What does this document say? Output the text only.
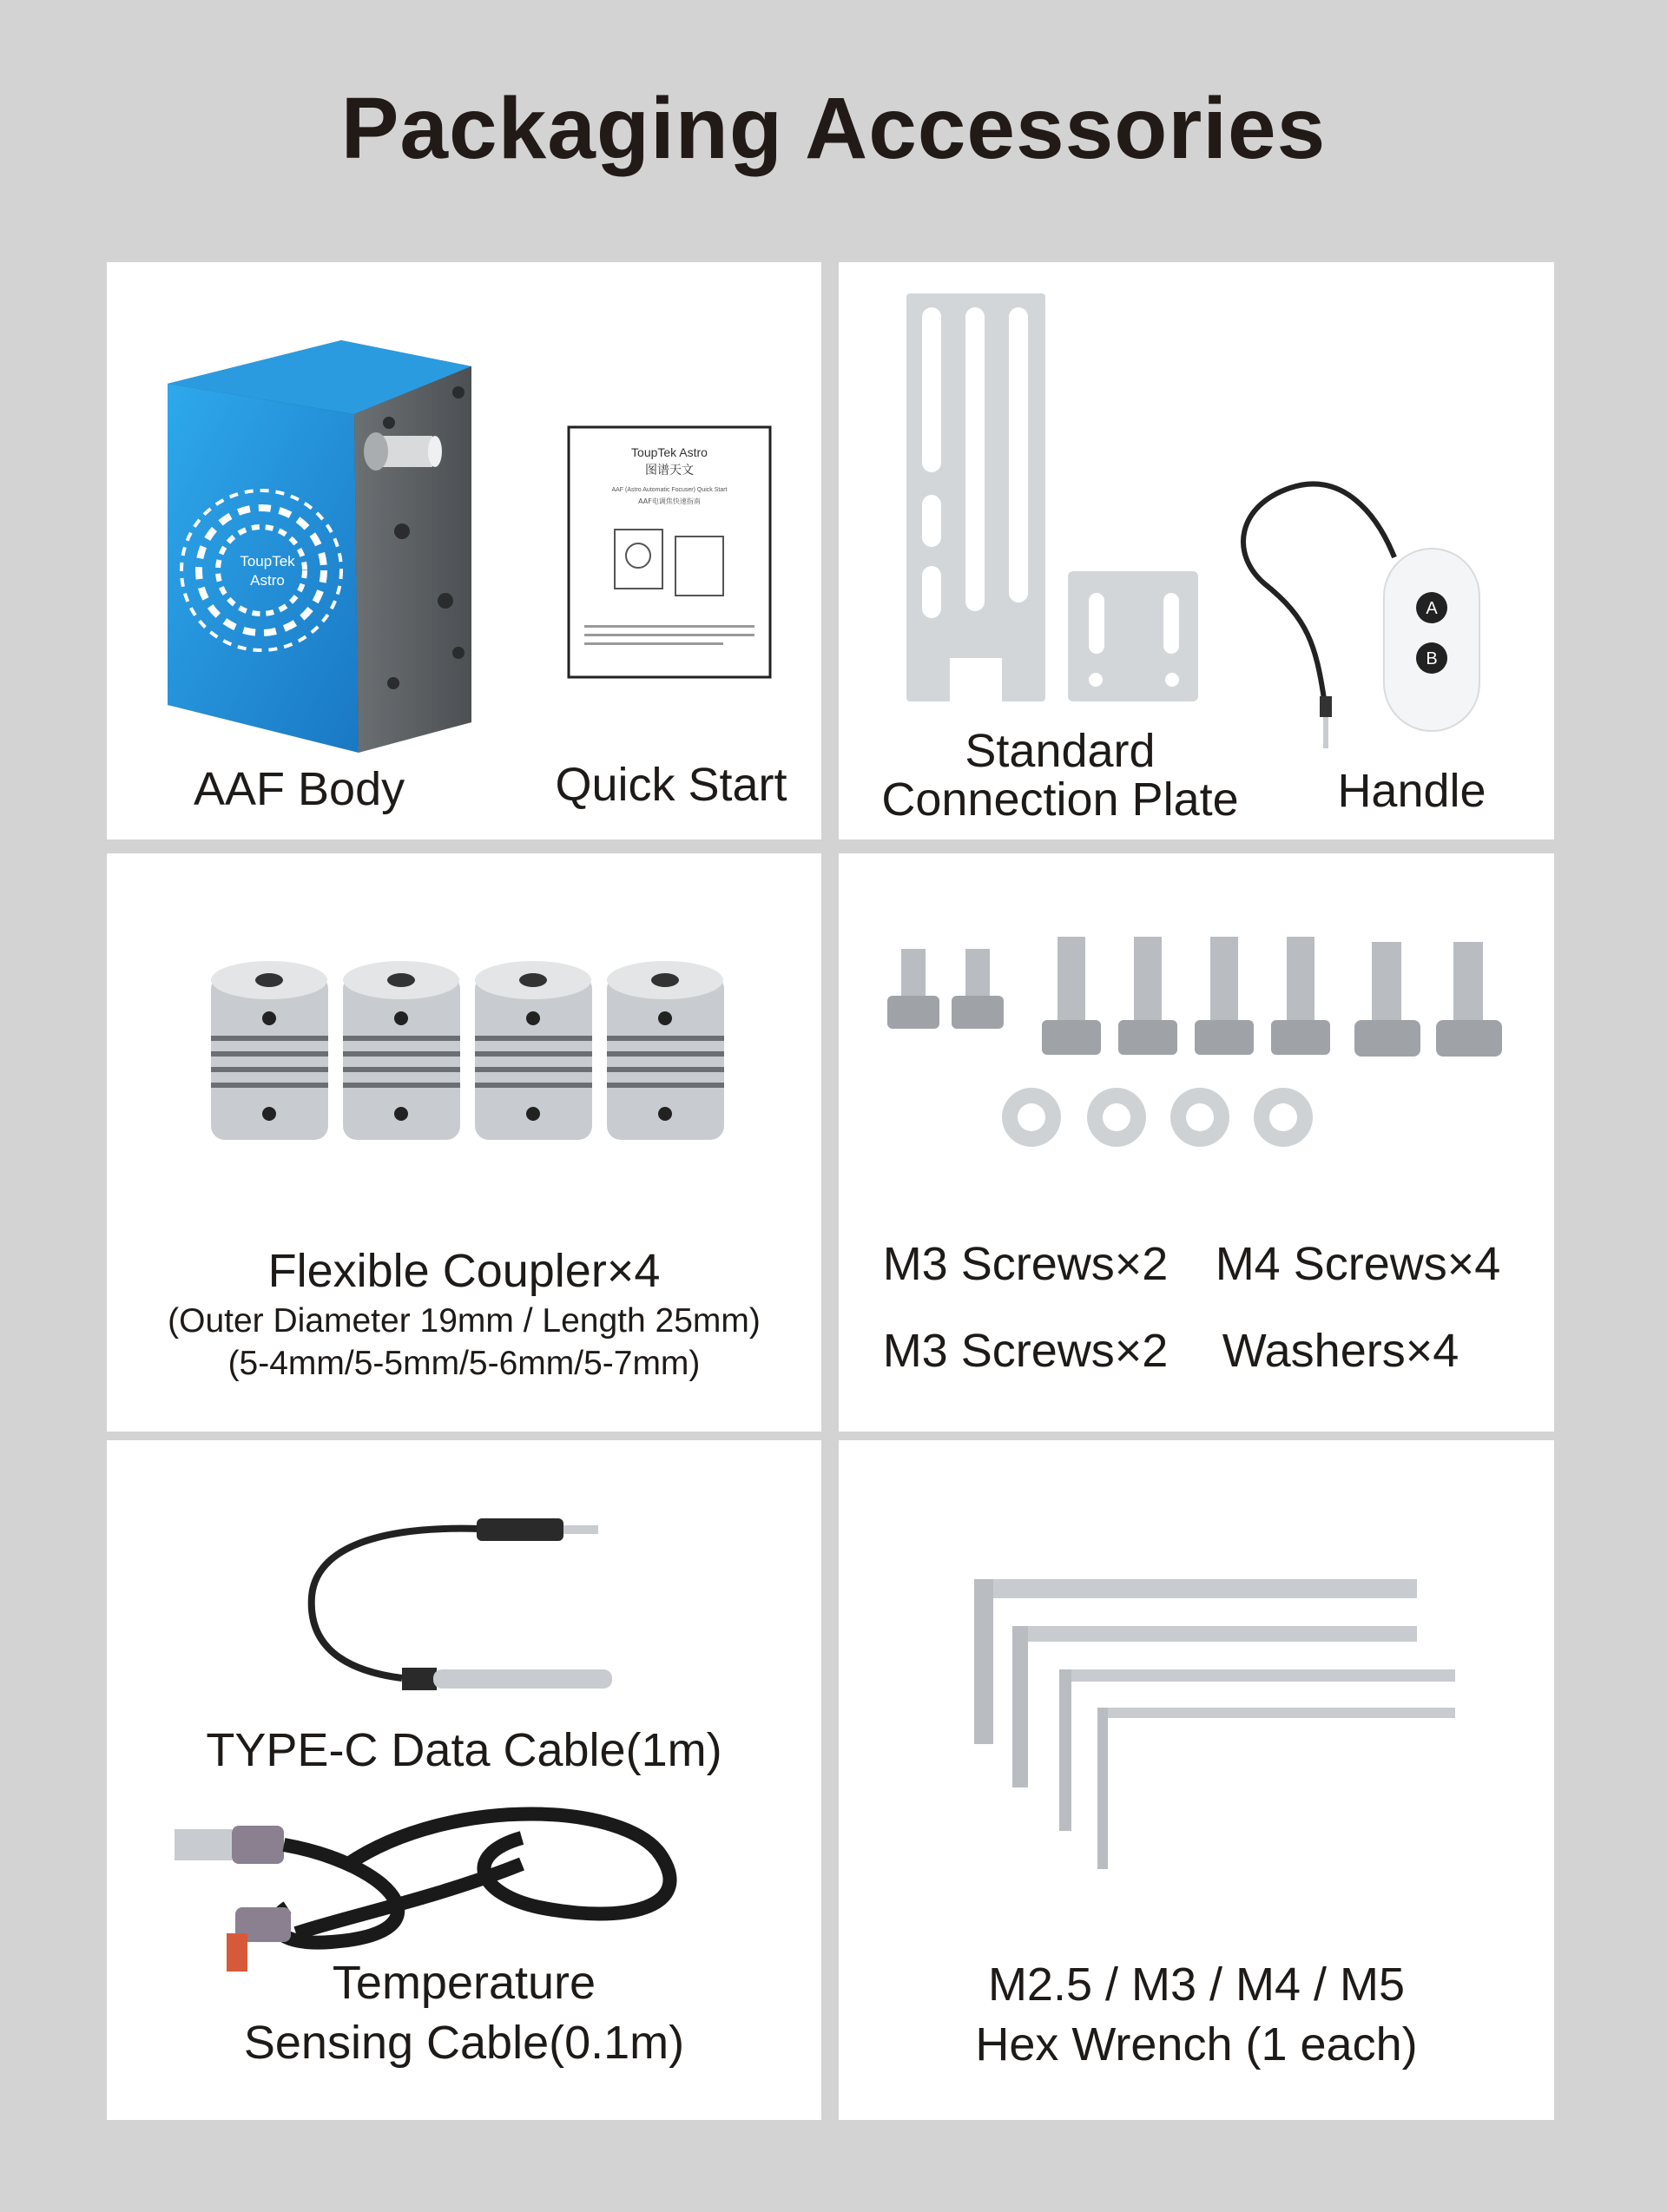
Packaging Accessories
ToupTek
Astro
ToupTek Astro
图谱天文
AAF (Astro Automatic Focuser) Quick Start
AAF电调焦快速指南
AAF Body	Quick Start
A
B
Standard
Connection Plate	Handle
Flexible Coupler×4
(Outer Diameter 19mm / Length 25mm)
(5-4mm/5-5mm/5-6mm/5-7mm)
M3 Screws×2 M4 Screws×4
M3 Screws×2 Washers×4
TYPE-C Data Cable(1m)
Temperature
Sensing Cable(0.1m)
M2.5 / M3 / M4 / M5
Hex Wrench (1 each)
